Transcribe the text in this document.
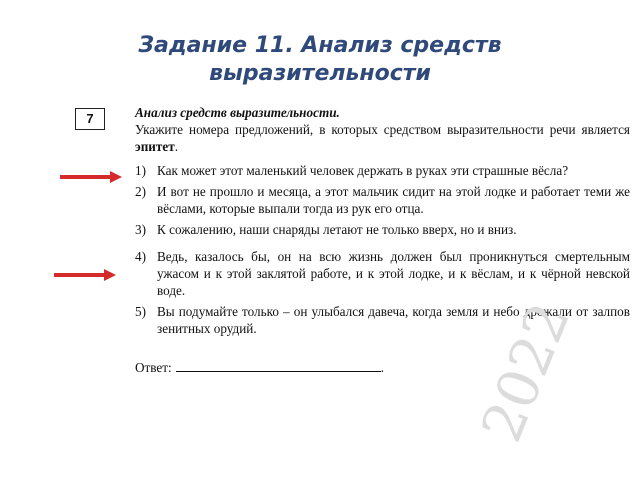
Задание 11. Анализ средств
выразительности
7	Анализ средств выразительности.
Укажите номера предложений, в которых средством выразительности речи является эпитет.
1) Как может этот маленький человек держать в руках эти страшные вёсла?
2) И вот не прошло и месяца, а этот мальчик сидит на этой лодке и работает теми же вёслами, которые выпали тогда из рук его отца.
3) К сожалению, наши снаряды летают не только вверх, но и вниз.
4) Ведь, казалось бы, он на всю жизнь должен был проникнуться смертельным ужасом и к этой заклятой работе, и к этой лодке, и к вёслам, и к чёрной невской воде.
5) Вы подумайте только – он улыбался давеча, когда земля и небо дрожали от залпов зенитных орудий.
Ответ:	.	2022
